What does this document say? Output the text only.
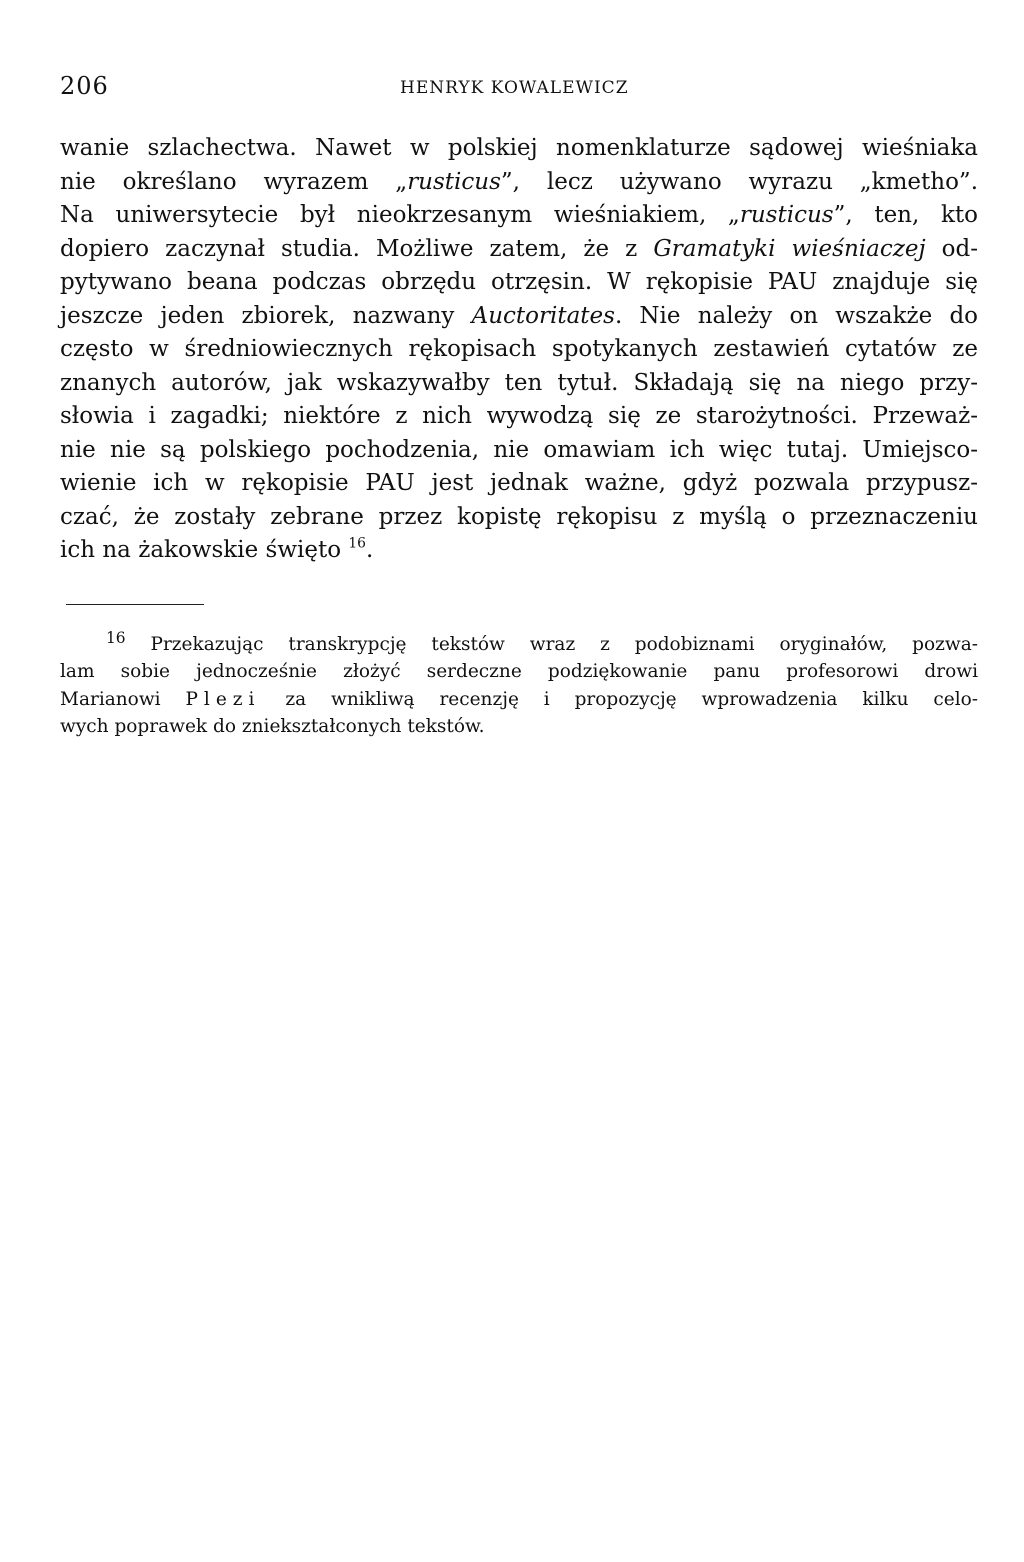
206	HENRYK KOWALEWICZ
wanie szlachectwa. Nawet w polskiej nomenklaturze sądowej wieśniaka
nie określano wyrazem „rusticus”, lecz używano wyrazu „kmetho”.
Na uniwersytecie był nieokrzesanym wieśniakiem, „rusticus”, ten, kto
dopiero zaczynał studia. Możliwe zatem, że z Gramatyki wieśniaczej od-
pytywano beana podczas obrzędu otrzęsin. W rękopisie PAU znajduje się
jeszcze jeden zbiorek, nazwany Auctoritates. Nie należy on wszakże do
często w średniowiecznych rękopisach spotykanych zestawień cytatów ze
znanych autorów, jak wskazywałby ten tytuł. Składają się na niego przy-
słowia i zagadki; niektóre z nich wywodzą się ze starożytności. Przeważ-
nie nie są polskiego pochodzenia, nie omawiam ich więc tutaj. Umiejsco-
wienie ich w rękopisie PAU jest jednak ważne, gdyż pozwala przypusz-
czać, że zostały zebrane przez kopistę rękopisu z myślą o przeznaczeniu
ich na żakowskie święto $^{16}$.
$^{16}$ Przekazując transkrypcję tekstów wraz z podobiznami oryginałów, pozwa-
lam sobie jednocześnie złożyć serdeczne podziękowanie panu profesorowi drowi
Marianowi Plezi za wnikliwą recenzję i propozycję wprowadzenia kilku celo-
wych poprawek do zniekształconych tekstów.
